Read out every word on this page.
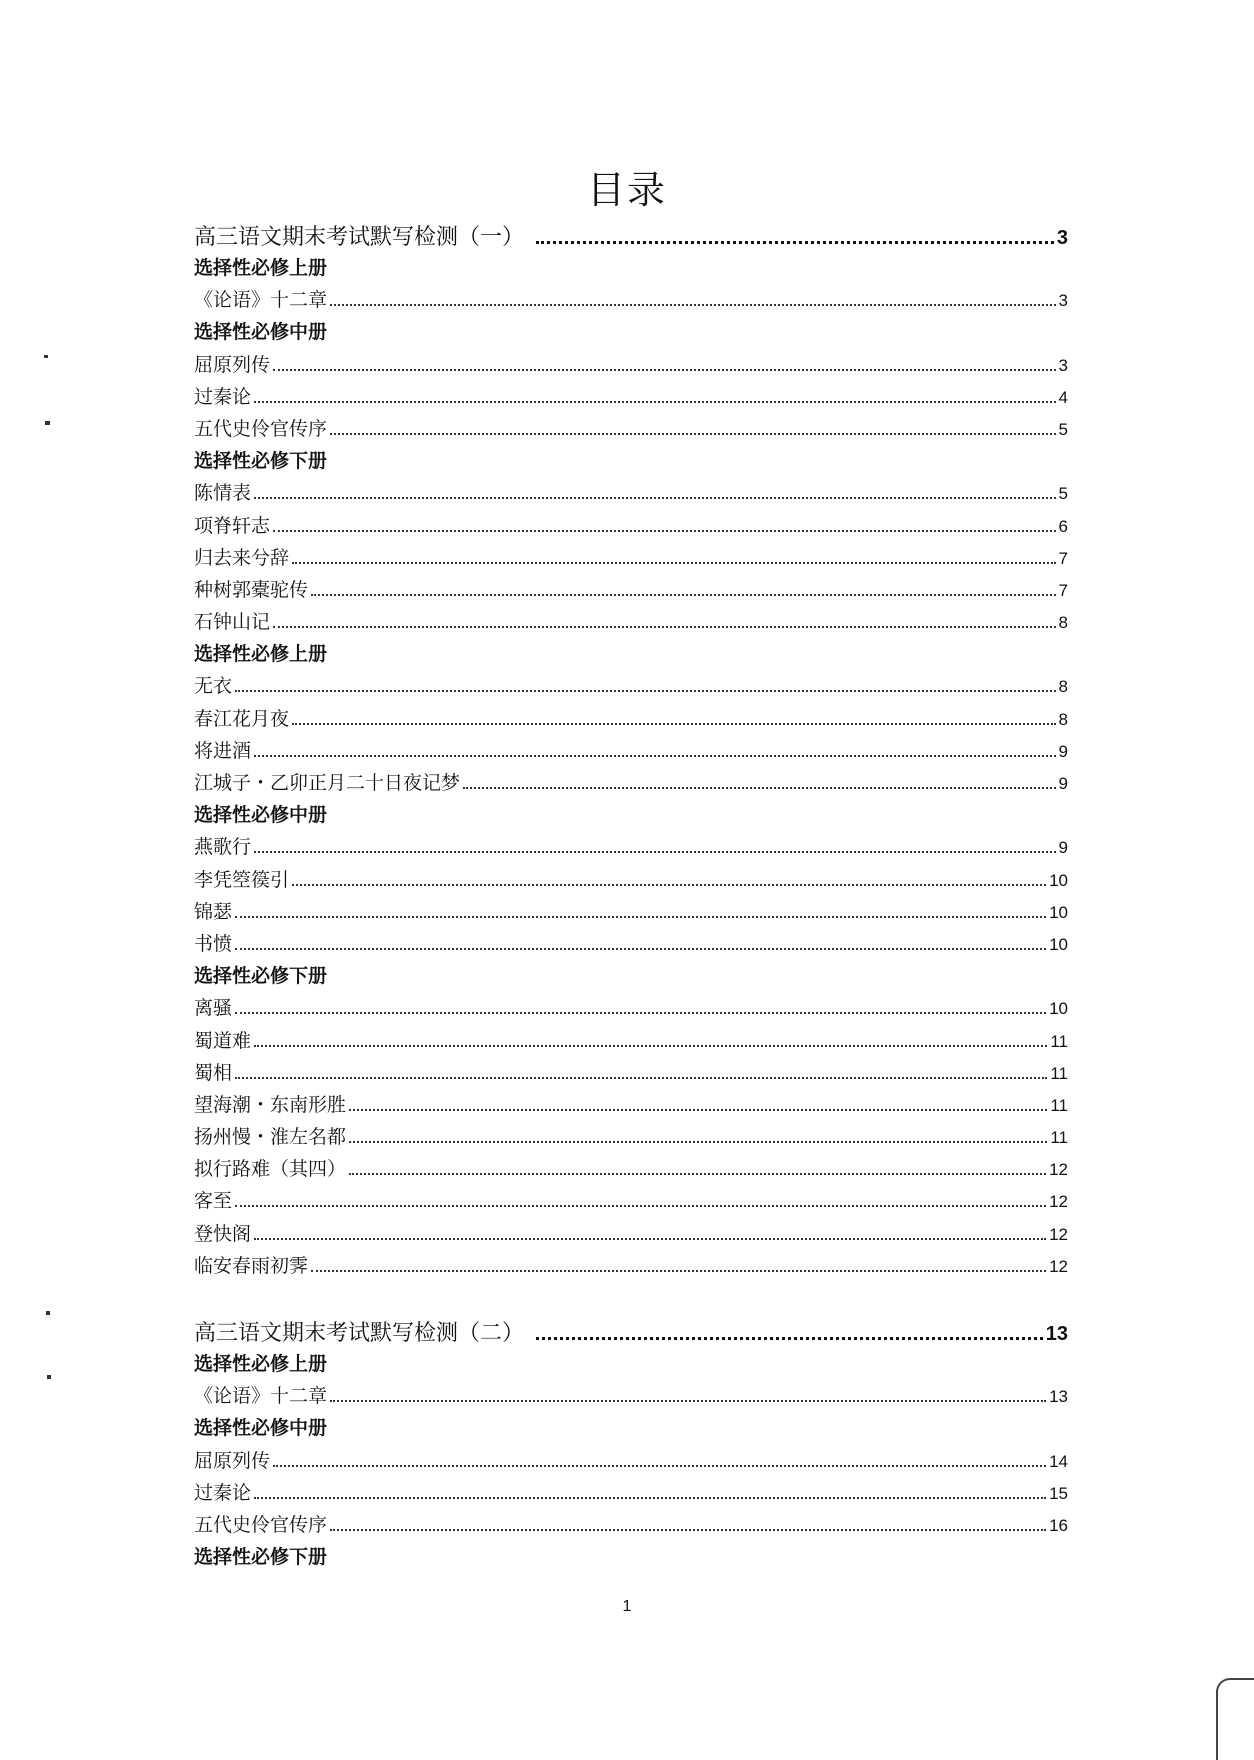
目录
高三语文期末考试默写检测（一）	3
选择性必修上册
《论语》十二章	3
选择性必修中册
屈原列传	3
过秦论	4
五代史伶官传序	5
选择性必修下册
陈情表	5
项脊轩志	6
归去来兮辞	7
种树郭橐驼传	7
石钟山记	8
选择性必修上册
无衣	8
春江花月夜	8
将进酒	9
江城子・乙卯正月二十日夜记梦	9
选择性必修中册
燕歌行	9
李凭箜篌引	10
锦瑟	10
书愤	10
选择性必修下册
离骚	10
蜀道难	11
蜀相	11
望海潮・东南形胜	11
扬州慢・淮左名都	11
拟行路难（其四）	12
客至	12
登快阁	12
临安春雨初霁	12
高三语文期末考试默写检测（二）	13
选择性必修上册
《论语》十二章	13
选择性必修中册
屈原列传	14
过秦论	15
五代史伶官传序	16
选择性必修下册
1
